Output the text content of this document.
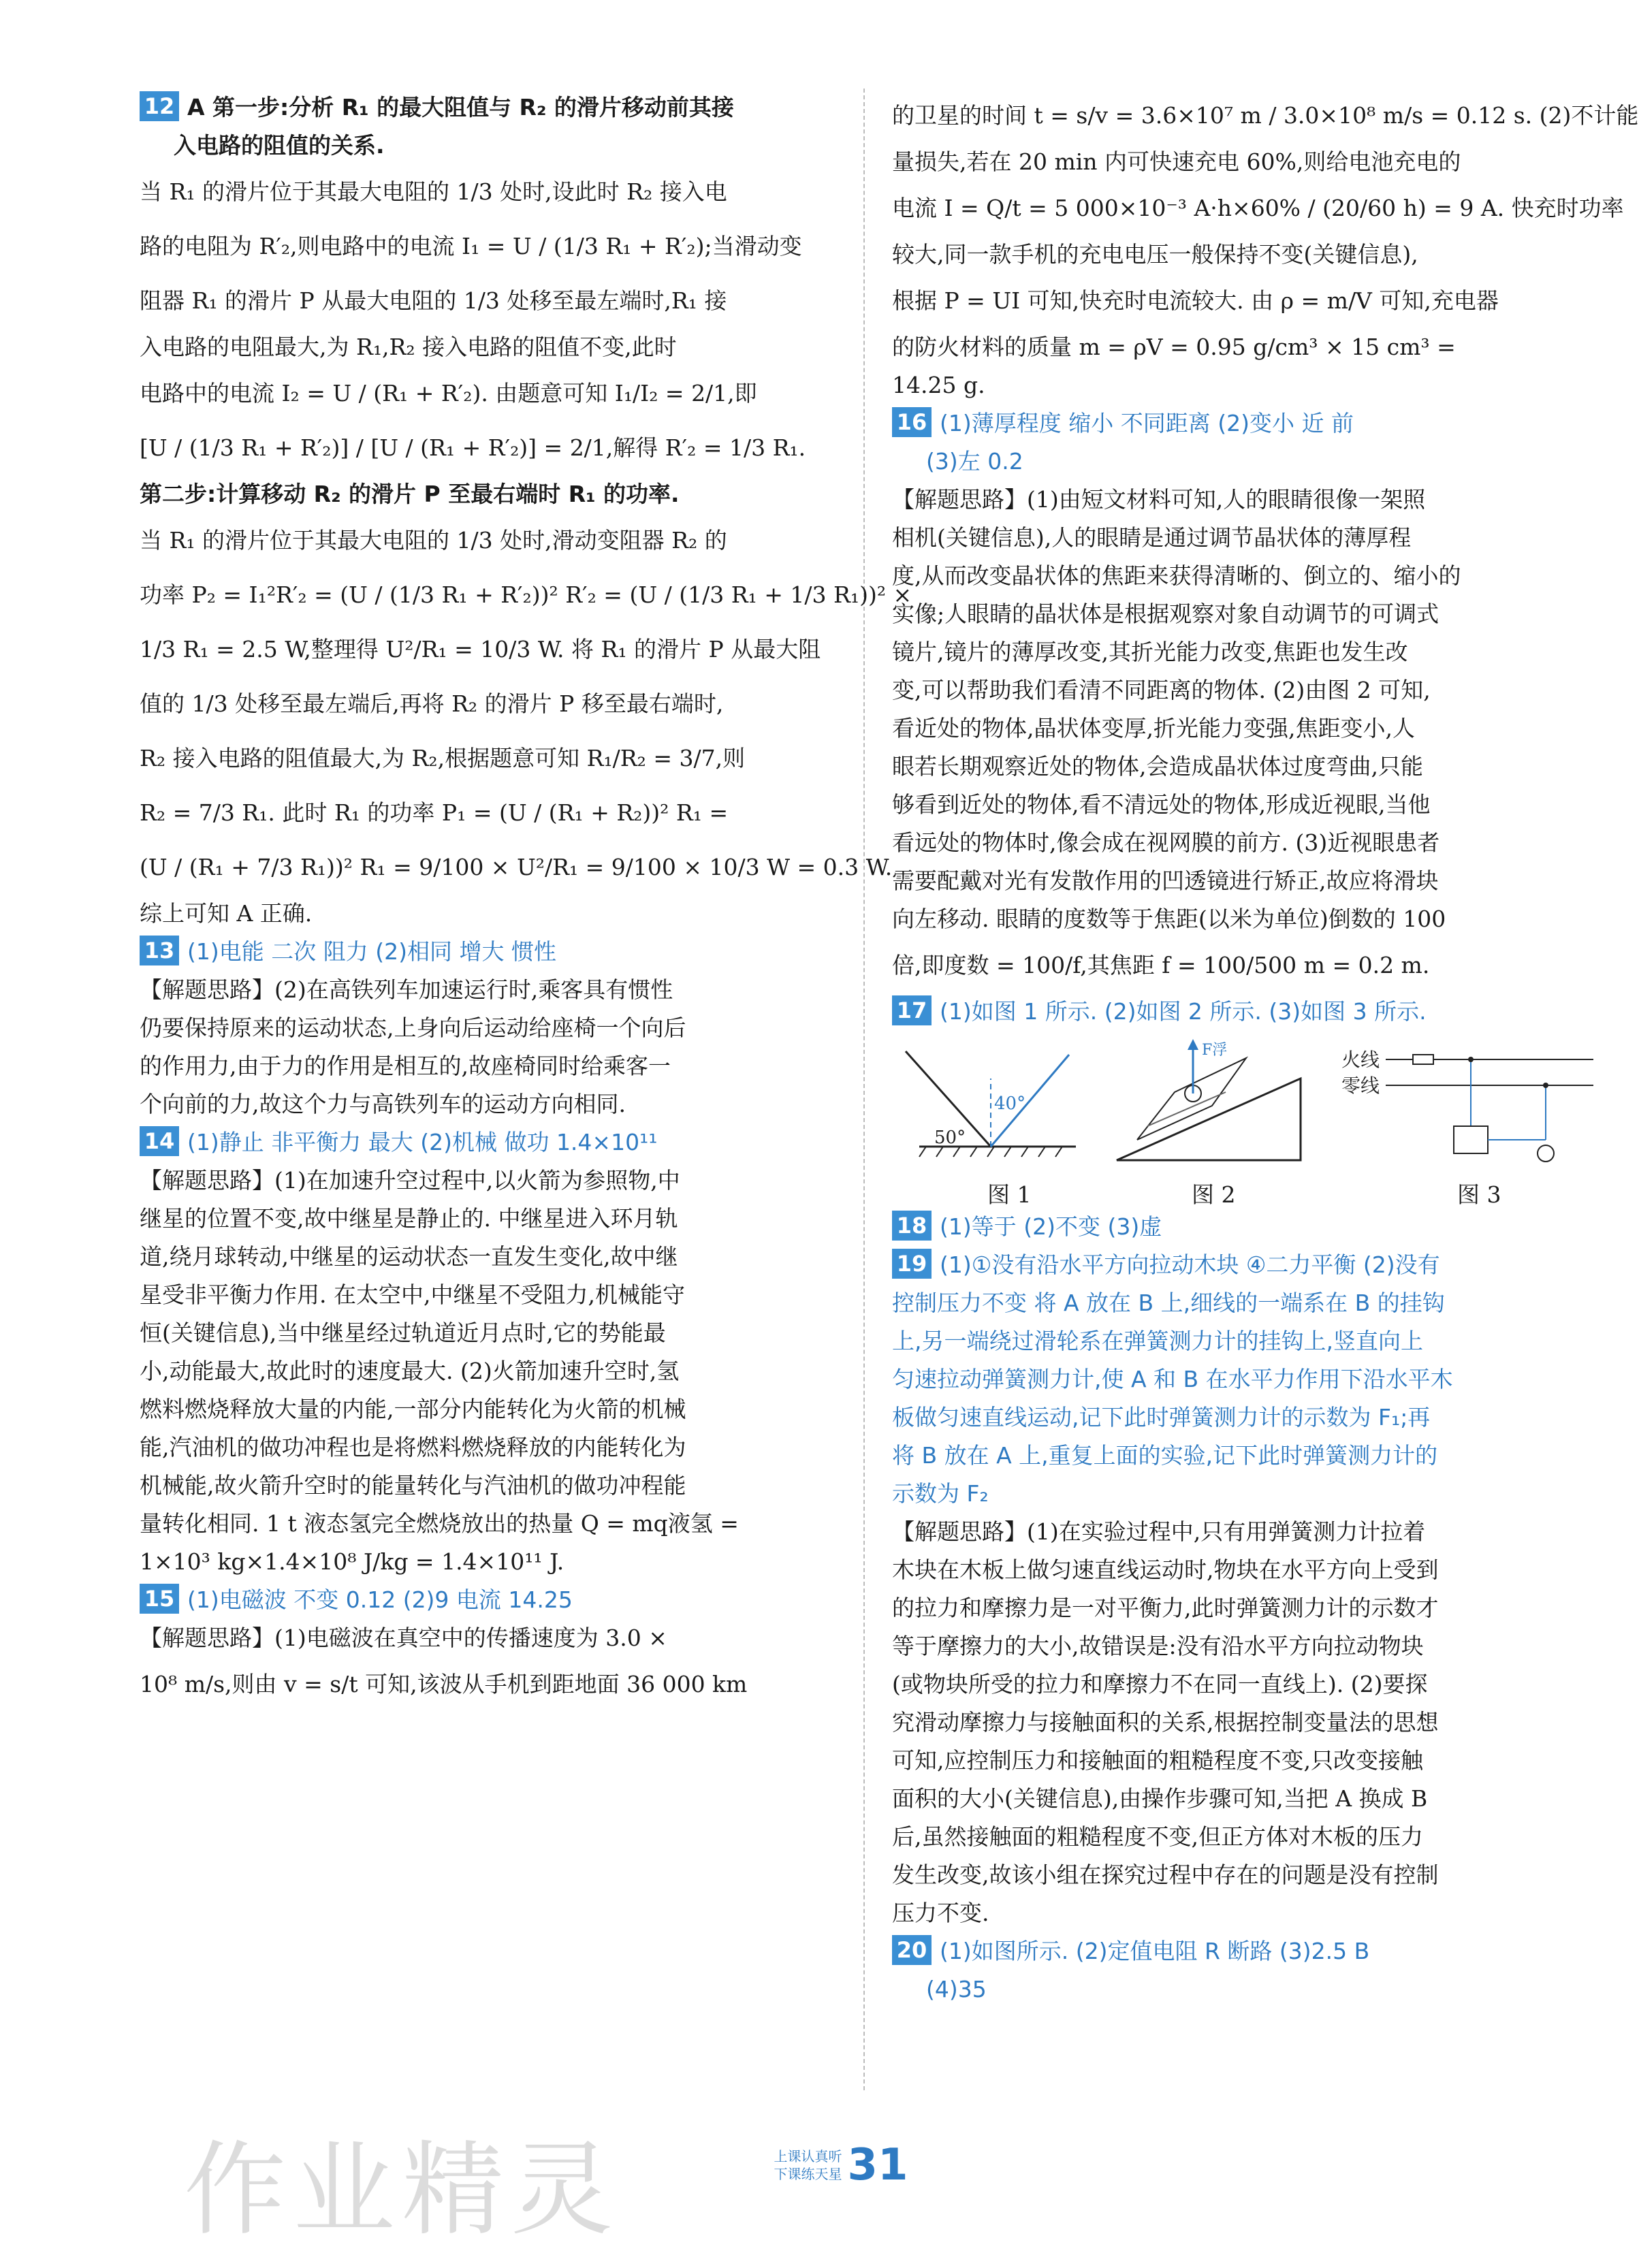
12 A 第一步:分析 R₁ 的最大阻值与 R₂ 的滑片移动前其接
入电路的阻值的关系.
当 R₁ 的滑片位于其最大电阻的 1/3 处时,设此时 R₂ 接入电
路的电阻为 R′₂,则电路中的电流 I₁ = U / (1/3 R₁ + R′₂);当滑动变
阻器 R₁ 的滑片 P 从最大电阻的 1/3 处移至最左端时,R₁ 接
入电路的电阻最大,为 R₁,R₂ 接入电路的阻值不变,此时
电路中的电流 I₂ = U / (R₁ + R′₂). 由题意可知 I₁/I₂ = 2/1,即
[U / (1/3 R₁ + R′₂)] / [U / (R₁ + R′₂)] = 2/1,解得 R′₂ = 1/3 R₁.
第二步:计算移动 R₂ 的滑片 P 至最右端时 R₁ 的功率.
当 R₁ 的滑片位于其最大电阻的 1/3 处时,滑动变阻器 R₂ 的
功率 P₂ = I₁²R′₂ = (U / (1/3 R₁ + R′₂))² R′₂ = (U / (1/3 R₁ + 1/3 R₁))² ×
1/3 R₁ = 2.5 W,整理得 U²/R₁ = 10/3 W. 将 R₁ 的滑片 P 从最大阻
值的 1/3 处移至最左端后,再将 R₂ 的滑片 P 移至最右端时,
R₂ 接入电路的阻值最大,为 R₂,根据题意可知 R₁/R₂ = 3/7,则
R₂ = 7/3 R₁. 此时 R₁ 的功率 P₁ = (U / (R₁ + R₂))² R₁ =
(U / (R₁ + 7/3 R₁))² R₁ = 9/100 × U²/R₁ = 9/100 × 10/3 W = 0.3 W.
综上可知 A 正确.
13 (1)电能 二次 阻力 (2)相同 增大 惯性
【解题思路】(2)在高铁列车加速运行时,乘客具有惯性
仍要保持原来的运动状态,上身向后运动给座椅一个向后
的作用力,由于力的作用是相互的,故座椅同时给乘客一
个向前的力,故这个力与高铁列车的运动方向相同.
14 (1)静止 非平衡力 最大 (2)机械 做功 1.4×10¹¹
【解题思路】(1)在加速升空过程中,以火箭为参照物,中
继星的位置不变,故中继星是静止的. 中继星进入环月轨
道,绕月球转动,中继星的运动状态一直发生变化,故中继
星受非平衡力作用. 在太空中,中继星不受阻力,机械能守
恒(关键信息),当中继星经过轨道近月点时,它的势能最
小,动能最大,故此时的速度最大. (2)火箭加速升空时,氢
燃料燃烧释放大量的内能,一部分内能转化为火箭的机械
能,汽油机的做功冲程也是将燃料燃烧释放的内能转化为
机械能,故火箭升空时的能量转化与汽油机的做功冲程能
量转化相同. 1 t 液态氢完全燃烧放出的热量 Q = mq液氢 =
1×10³ kg×1.4×10⁸ J/kg = 1.4×10¹¹ J.
15 (1)电磁波 不变 0.12 (2)9 电流 14.25
【解题思路】(1)电磁波在真空中的传播速度为 3.0 ×
10⁸ m/s,则由 v = s/t 可知,该波从手机到距地面 36 000 km
的卫星的时间 t = s/v = 3.6×10⁷ m / 3.0×10⁸ m/s = 0.12 s. (2)不计能
量损失,若在 20 min 内可快速充电 60%,则给电池充电的
电流 I = Q/t = 5 000×10⁻³ A·h×60% / (20/60 h) = 9 A. 快充时功率
较大,同一款手机的充电电压一般保持不变(关键信息),
根据 P = UI 可知,快充时电流较大. 由 ρ = m/V 可知,充电器
的防火材料的质量 m = ρV = 0.95 g/cm³ × 15 cm³ =
14.25 g.
16 (1)薄厚程度 缩小 不同距离 (2)变小 近 前
(3)左 0.2
【解题思路】(1)由短文材料可知,人的眼睛很像一架照
相机(关键信息),人的眼睛是通过调节晶状体的薄厚程
度,从而改变晶状体的焦距来获得清晰的、倒立的、缩小的
实像;人眼睛的晶状体是根据观察对象自动调节的可调式
镜片,镜片的薄厚改变,其折光能力改变,焦距也发生改
变,可以帮助我们看清不同距离的物体. (2)由图 2 可知,
看近处的物体,晶状体变厚,折光能力变强,焦距变小,人
眼若长期观察近处的物体,会造成晶状体过度弯曲,只能
够看到近处的物体,看不清远处的物体,形成近视眼,当他
看远处的物体时,像会成在视网膜的前方. (3)近视眼患者
需要配戴对光有发散作用的凹透镜进行矫正,故应将滑块
向左移动. 眼睛的度数等于焦距(以米为单位)倒数的 100
倍,即度数 = 100/f,其焦距 f = 100/500 m = 0.2 m.
17 (1)如图 1 所示. (2)如图 2 所示. (3)如图 3 所示.
50°
40°
F浮	火线
零线
图 1	图 2	图 3
18 (1)等于 (2)不变 (3)虚
19 (1)①没有沿水平方向拉动木块 ④二力平衡 (2)没有
控制压力不变 将 A 放在 B 上,细线的一端系在 B 的挂钩
上,另一端绕过滑轮系在弹簧测力计的挂钩上,竖直向上
匀速拉动弹簧测力计,使 A 和 B 在水平力作用下沿水平木
板做匀速直线运动,记下此时弹簧测力计的示数为 F₁;再
将 B 放在 A 上,重复上面的实验,记下此时弹簧测力计的
示数为 F₂
【解题思路】(1)在实验过程中,只有用弹簧测力计拉着
木块在木板上做匀速直线运动时,物块在水平方向上受到
的拉力和摩擦力是一对平衡力,此时弹簧测力计的示数才
等于摩擦力的大小,故错误是:没有沿水平方向拉动物块
(或物块所受的拉力和摩擦力不在同一直线上). (2)要探
究滑动摩擦力与接触面积的关系,根据控制变量法的思想
可知,应控制压力和接触面的粗糙程度不变,只改变接触
面积的大小(关键信息),由操作步骤可知,当把 A 换成 B
后,虽然接触面的粗糙程度不变,但正方体对木板的压力
发生改变,故该小组在探究过程中存在的问题是没有控制
压力不变.
20 (1)如图所示. (2)定值电阻 R 断路 (3)2.5 B
(4)35
作业精灵	上课认真听
下课练天星 31
